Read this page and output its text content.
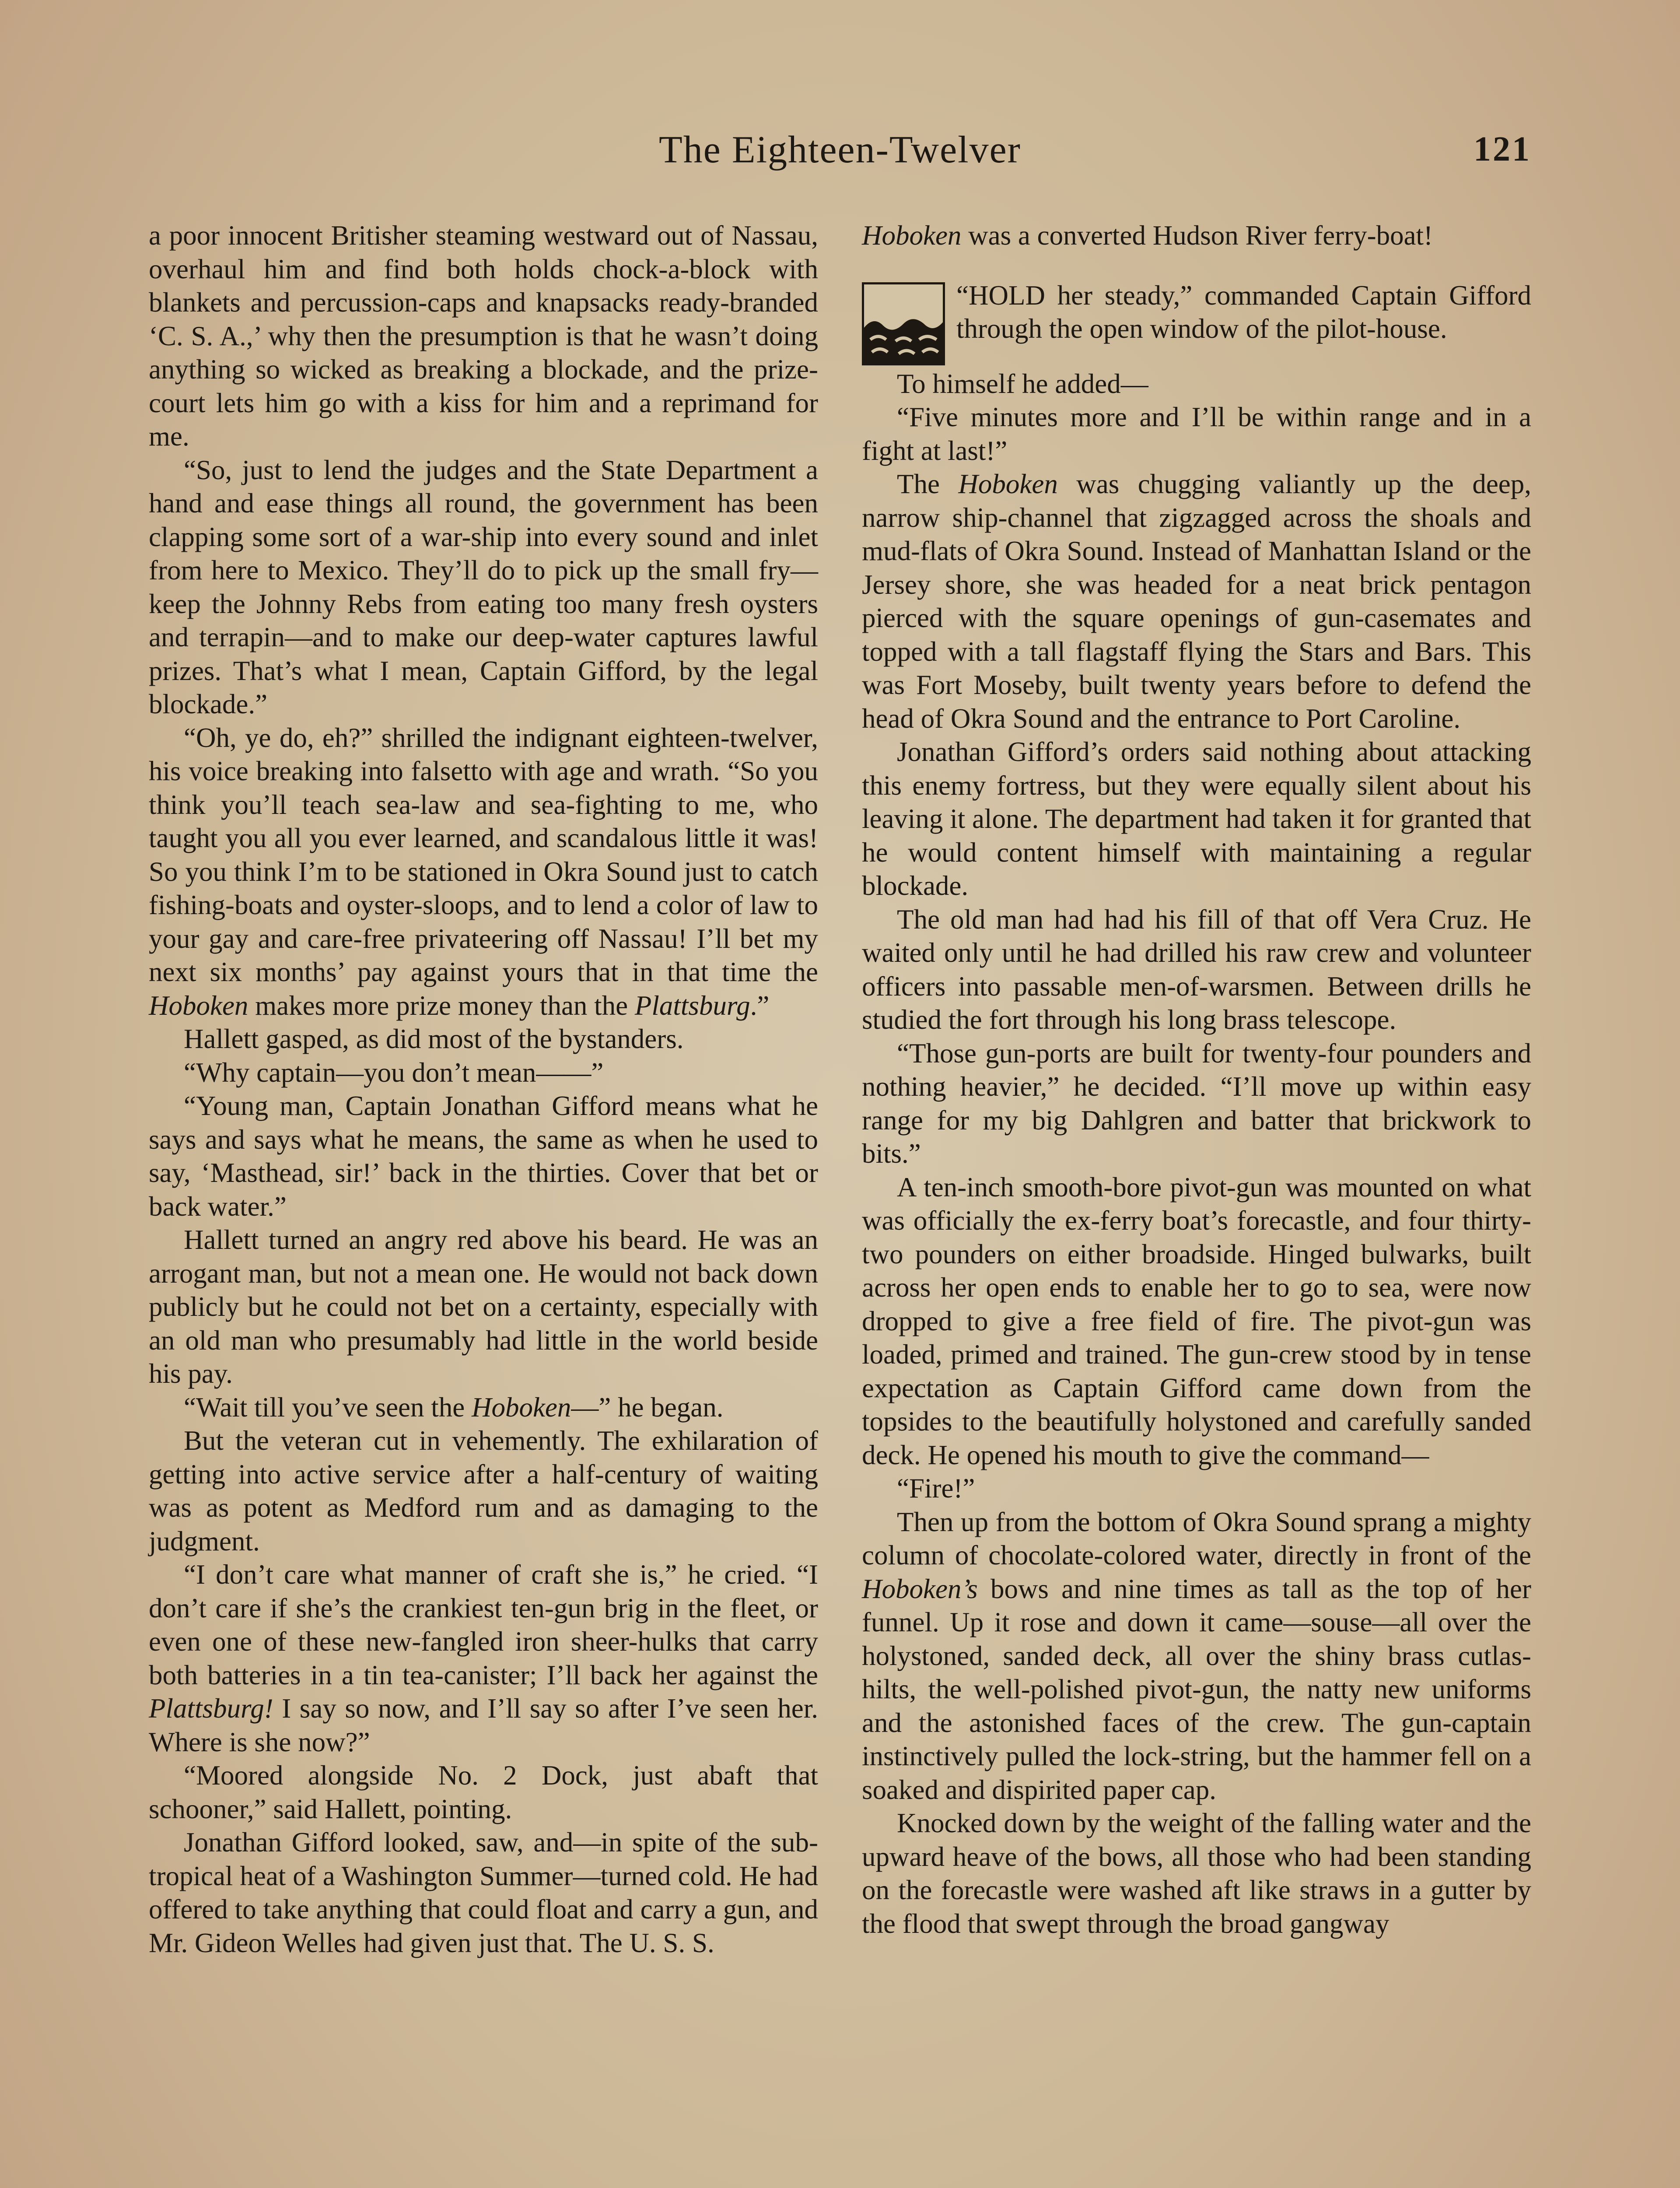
The Eighteen-Twelver	121

a poor innocent Britisher steaming westward out of Nassau, overhaul him and find both holds chock-a-block with blankets and percussion-caps and knapsacks ready-branded ‘C. S. A.,’ why then the presumption is that he wasn’t doing anything so wicked as breaking a blockade, and the prize-court lets him go with a kiss for him and a reprimand for me.

“So, just to lend the judges and the State Department a hand and ease things all round, the government has been clapping some sort of a war-ship into every sound and inlet from here to Mexico. They’ll do to pick up the small fry—keep the Johnny Rebs from eating too many fresh oysters and terrapin—and to make our deep-water captures lawful prizes. That’s what I mean, Captain Gifford, by the legal blockade.”

“Oh, ye do, eh?” shrilled the indignant eighteen-twelver, his voice breaking into falsetto with age and wrath. “So you think you’ll teach sea-law and sea-fighting to me, who taught you all you ever learned, and scandalous little it was! So you think I’m to be stationed in Okra Sound just to catch fishing-boats and oyster-sloops, and to lend a color of law to your gay and care-free privateering off Nassau! I’ll bet my next six months’ pay against yours that in that time the Hoboken makes more prize money than the Plattsburg.”

Hallett gasped, as did most of the bystanders.

“Why captain—you don’t mean——”

“Young man, Captain Jonathan Gifford means what he says and says what he means, the same as when he used to say, ‘Masthead, sir!’ back in the thirties. Cover that bet or back water.”

Hallett turned an angry red above his beard. He was an arrogant man, but not a mean one. He would not back down publicly but he could not bet on a certainty, especially with an old man who presumably had little in the world beside his pay.

“Wait till you’ve seen the Hoboken—” he began.

But the veteran cut in vehemently. The exhilaration of getting into active service after a half-century of waiting was as potent as Medford rum and as damaging to the judgment.

“I don’t care what manner of craft she is,” he cried. “I don’t care if she’s the crankiest ten-gun brig in the fleet, or even one of these new-fangled iron sheer-hulks that carry both batteries in a tin tea-canister; I’ll back her against the Plattsburg! I say so now, and I’ll say so after I’ve seen her. Where is she now?”

“Moored alongside No. 2 Dock, just abaft that schooner,” said Hallett, pointing.

Jonathan Gifford looked, saw, and—in spite of the sub-tropical heat of a Washington Summer—turned cold. He had offered to take anything that could float and carry a gun, and Mr. Gideon Welles had given just that. The U. S. S.

Hoboken was a converted Hudson River ferry-boat!

“HOLD her steady,” commanded Captain Gifford through the open window of the pilot-house.

To himself he added—

“Five minutes more and I’ll be within range and in a fight at last!”

The Hoboken was chugging valiantly up the deep, narrow ship-channel that zigzagged across the shoals and mud-flats of Okra Sound. Instead of Manhattan Island or the Jersey shore, she was headed for a neat brick pentagon pierced with the square openings of gun-casemates and topped with a tall flagstaff flying the Stars and Bars. This was Fort Moseby, built twenty years before to defend the head of Okra Sound and the entrance to Port Caroline.

Jonathan Gifford’s orders said nothing about attacking this enemy fortress, but they were equally silent about his leaving it alone. The department had taken it for granted that he would content himself with maintaining a regular blockade.

The old man had had his fill of that off Vera Cruz. He waited only until he had drilled his raw crew and volunteer officers into passable men-of-warsmen. Between drills he studied the fort through his long brass telescope.

“Those gun-ports are built for twenty-four pounders and nothing heavier,” he decided. “I’ll move up within easy range for my big Dahlgren and batter that brickwork to bits.”

A ten-inch smooth-bore pivot-gun was mounted on what was officially the ex-ferry boat’s forecastle, and four thirty-two pounders on either broadside. Hinged bulwarks, built across her open ends to enable her to go to sea, were now dropped to give a free field of fire. The pivot-gun was loaded, primed and trained. The gun-crew stood by in tense expectation as Captain Gifford came down from the topsides to the beautifully holystoned and carefully sanded deck. He opened his mouth to give the command—

“Fire!”

Then up from the bottom of Okra Sound sprang a mighty column of chocolate-colored water, directly in front of the Hoboken’s bows and nine times as tall as the top of her funnel. Up it rose and down it came—souse—all over the holystoned, sanded deck, all over the shiny brass cutlas-hilts, the well-polished pivot-gun, the natty new uniforms and the astonished faces of the crew. The gun-captain instinctively pulled the lock-string, but the hammer fell on a soaked and dispirited paper cap.

Knocked down by the weight of the falling water and the upward heave of the bows, all those who had been standing on the forecastle were washed aft like straws in a gutter by the flood that swept through the broad gangway
